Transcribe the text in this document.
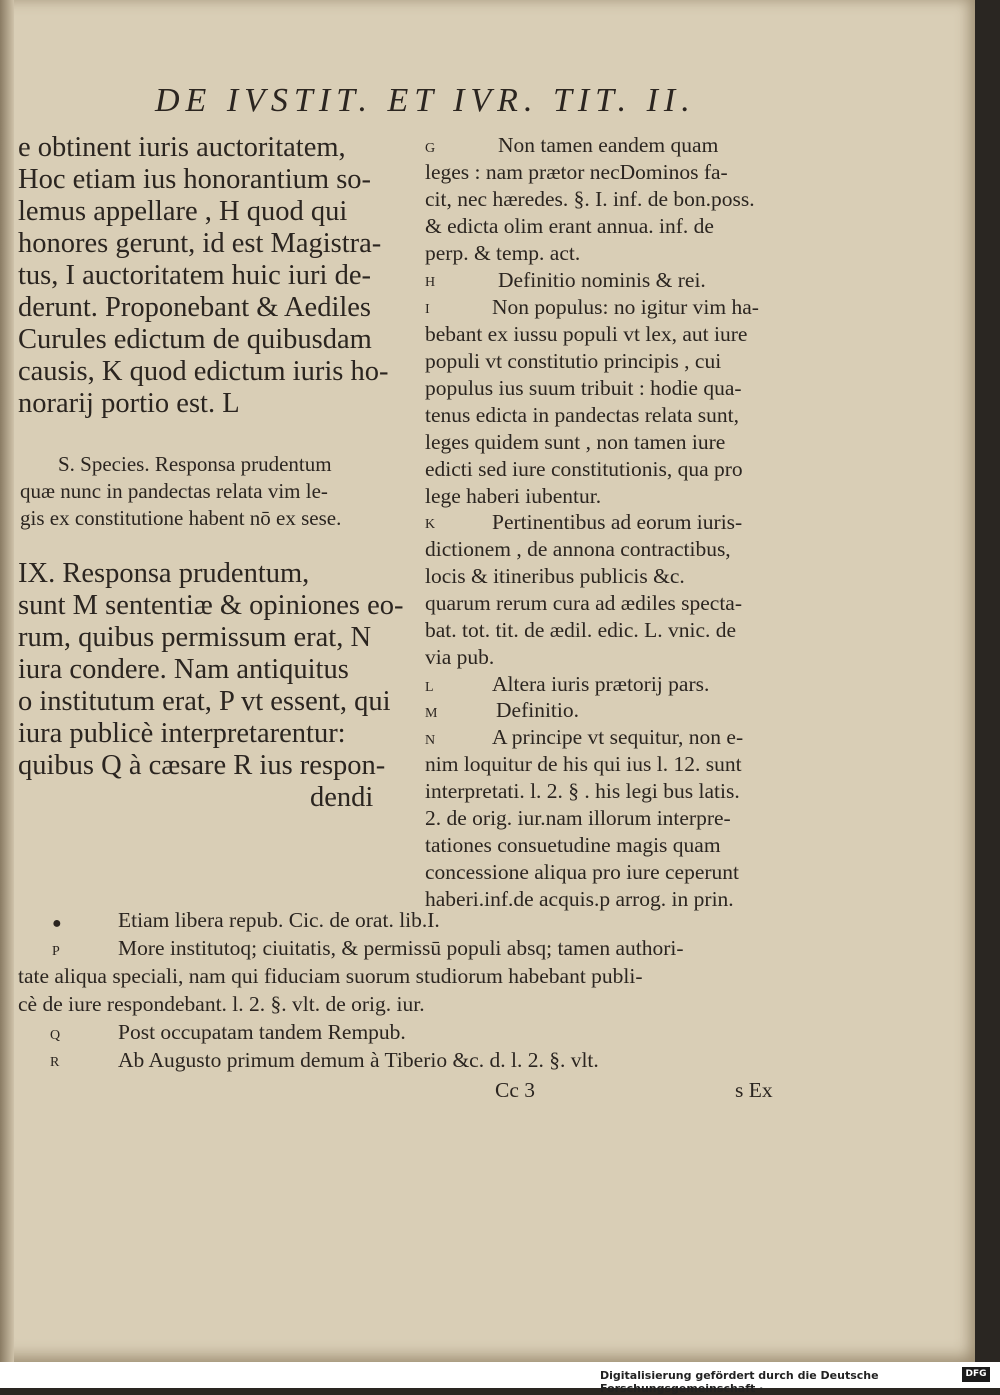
DE IVSTIT. ET IVR. TIT. II.
e obtinent iuris auctoritatem,
Hoc etiam ius honorantium so-
lemus appellare , H quod qui
honores gerunt, id est Magistra-
tus, I auctoritatem huic iuri de-
derunt. Proponebant & Aediles
Curules edictum de quibusdam
causis, K quod edictum iuris ho-
norarij portio est. L
S. Species. Responsa prudentum
quæ nunc in pandectas relata vim le-
gis ex constitutione habent nō ex sese.
IX. Responsa prudentum,
sunt M sententiæ & opiniones eo-
rum, quibus permissum erat, N
iura condere. Nam antiquitus
o institutum erat, P vt essent, qui
iura publicè interpretarentur:
quibus Q à cæsare R ius respon-
dendi
G	Non tamen eandem quam
leges : nam prætor necDominos fa-
cit, nec hæredes. §. I. inf. de bon.poss.
& edicta olim erant annua. inf. de
perp. & temp. act.
H	Definitio nominis & rei.
I	Non populus: no igitur vim ha-
bebant ex iussu populi vt lex, aut iure
populi vt constitutio principis , cui
populus ius suum tribuit : hodie qua-
tenus edicta in pandectas relata sunt,
leges quidem sunt , non tamen iure
edicti sed iure constitutionis, qua pro
lege haberi iubentur.
K	Pertinentibus ad eorum iuris-
dictionem , de annona contractibus,
locis & itineribus publicis &c.
quarum rerum cura ad ædiles specta-
bat. tot. tit. de ædil. edic. L. vnic. de
via pub.
L	Altera iuris prætorij pars.
M	Definitio.
N	A principe vt sequitur, non e-
nim loquitur de his qui ius l. 12. sunt
interpretati. l. 2. § . his legi bus latis.
2. de orig. iur.nam illorum interpre-
tationes consuetudine magis quam
concessione aliqua pro iure ceperunt
haberi.inf.de acquis.p arrog. in prin.
●	Etiam libera repub. Cic. de orat. lib.I.
P	More institutoq; ciuitatis, & permissū populi absq; tamen authori-
tate aliqua speciali, nam qui fiduciam suorum studiorum habebant publi-
cè de iure respondebant. l. 2. §. vlt. de orig. iur.
Q	Post occupatam tandem Rempub.
R	Ab Augusto primum demum à Tiberio &c. d. l. 2. §. vlt.
Cc 3	s Ex
Digitalisierung gefördert durch die Deutsche Forschungsgemeinschaft ·
DFG
